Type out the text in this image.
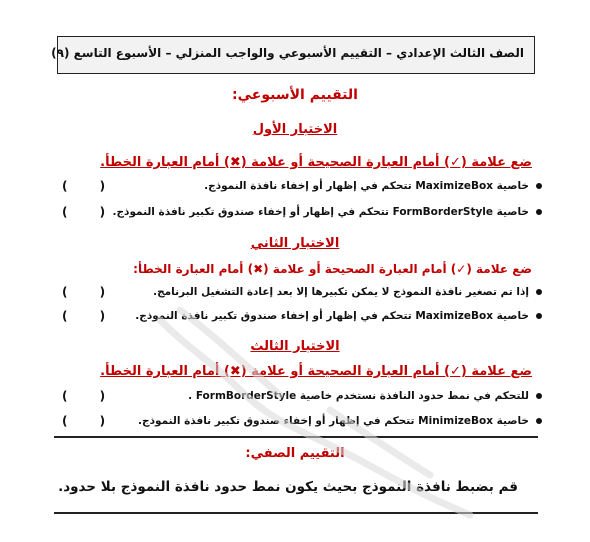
الصف الثالث الإعدادي – التقييم الأسبوعي والواجب المنزلي – الأسبوع التاسع (٩)
التقييم الأسبوعي:
الاختبار الأول
ضع علامة (✓) أمام العبارة الصحيحة أو علامة (✖) أمام العبارة الخطأ.
خاصية MaximizeBox تتحكم في إظهار أو إخفاء نافذة النموذج.
( )
خاصية FormBorderStyle تتحكم في إظهار أو إخفاء صندوق تكبير نافذة النموذج.
( )
الاختبار الثاني
ضع علامة (✓) أمام العبارة الصحيحة أو علامة (✖) أمام العبارة الخطأ:
إذا تم تصغير نافذة النموذج لا يمكن تكبيرها إلا بعد إعادة التشغيل البرنامج.
( )
خاصية MaximizeBox تتحكم في إظهار أو إخفاء صندوق تكبير نافذة النموذج.
( )
الاختبار الثالث
ضع علامة (✓) أمام العبارة الصحيحة أو علامة (✖) أمام العبارة الخطأ.
للتحكم في نمط حدود النافذة نستخدم خاصية FormBorderStyle .
( )
خاصية MinimizeBox تتحكم في إظهار أو إخفاء صندوق تكبير نافذة النموذج.
( )
التقييم الصفي:
قم بضبط نافذة النموذج بحيث يكون نمط حدود نافذة النموذج بلا حدود.
